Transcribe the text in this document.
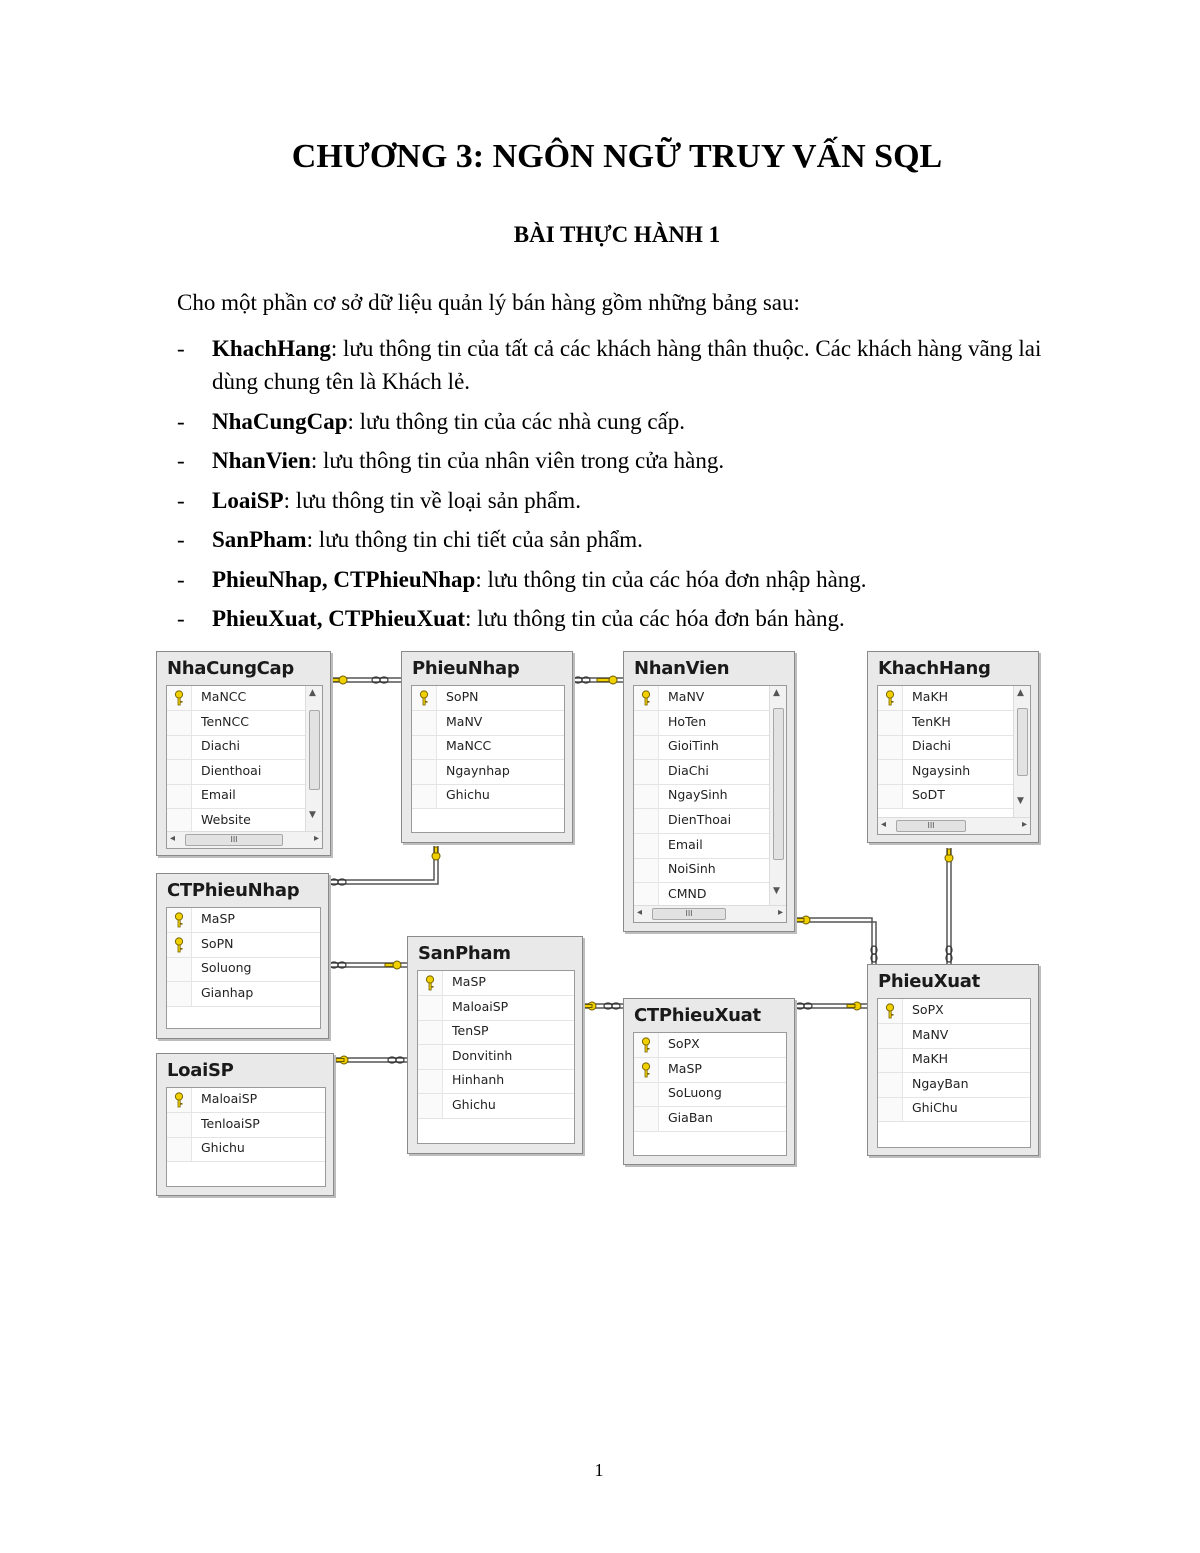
CHƯƠNG 3: NGÔN NGỮ TRUY VẤN SQL
BÀI THỰC HÀNH 1

Cho một phần cơ sở dữ liệu quản lý bán hàng gồm những bảng sau:

- KhachHang: lưu thông tin của tất cả các khách hàng thân thuộc. Các khách hàng vãng lai dùng chung tên là Khách lẻ.
- NhaCungCap: lưu thông tin của các nhà cung cấp.
- NhanVien: lưu thông tin của nhân viên trong cửa hàng.
- LoaiSP: lưu thông tin về loại sản phẩm.
- SanPham: lưu thông tin chi tiết của sản phẩm.
- PhieuNhap, CTPhieuNhap: lưu thông tin của các hóa đơn nhập hàng.
- PhieuXuat, CTPhieuXuat: lưu thông tin của các hóa đơn bán hàng.
NhaCungCap
Website
Email
Dienthoai
Diachi
TenNCC
MaNCC	▲
▼
◂	III	▸
PhieuNhap
Ghichu
Ngaynhap
MaNCC
MaNV
SoPN
NhanVien
CMND
NoiSinh
Email
DienThoai
NgaySinh
DiaChi
GioiTinh
HoTen
MaNV	▲
▼
◂	III	▸
KhachHang
SoDT
Ngaysinh
Diachi
TenKH
MaKH	▲
▼
◂	III	▸
CTPhieuNhap
Gianhap
Soluong
SoPN
MaSP
SanPham
Ghichu
Hinhanh
Donvitinh
TenSP
MaloaiSP
MaSP
CTPhieuXuat
GiaBan
SoLuong
MaSP
SoPX
PhieuXuat
GhiChu
NgayBan
MaKH
MaNV
SoPX
LoaiSP
Ghichu
TenloaiSP
MaloaiSP
1
